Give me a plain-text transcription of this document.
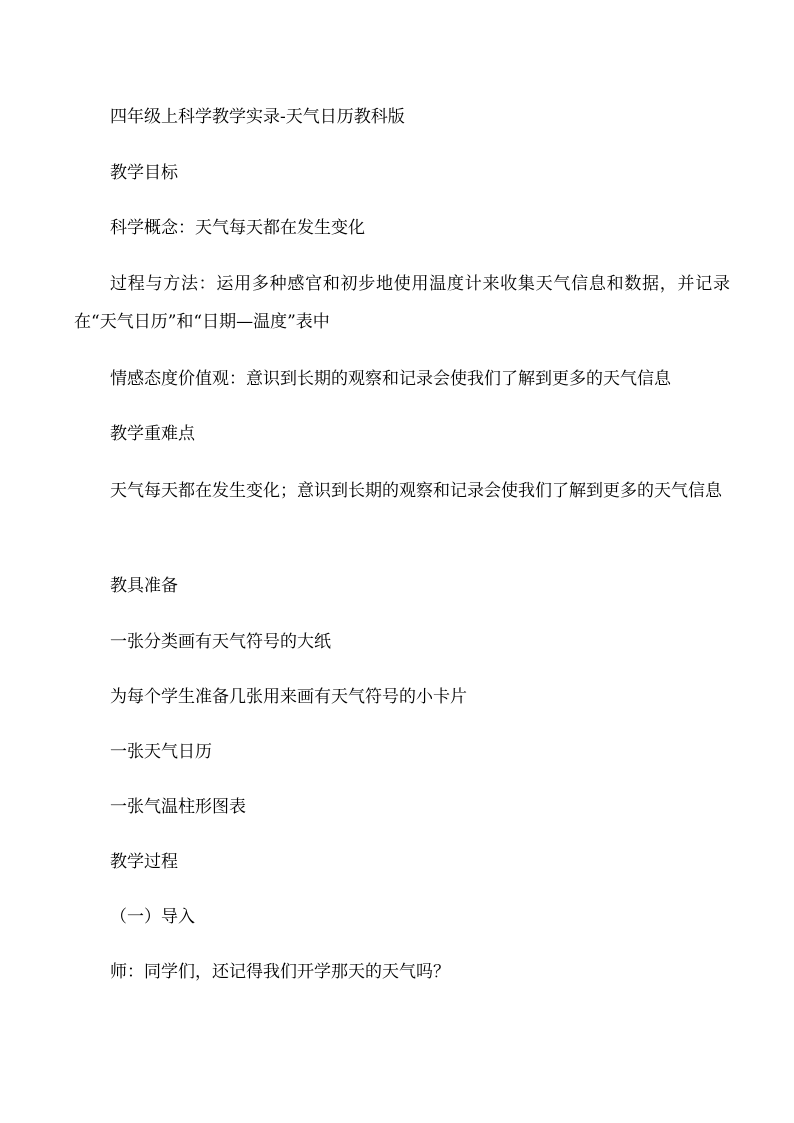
四年级上科学教学实录-天气日历教科版
教学目标
科学概念：天气每天都在发生变化
过程与方法：运用多种感官和初步地使用温度计来收集天气信息和数据，并记录在“天气日历”和“日期—温度”表中
情感态度价值观：意识到长期的观察和记录会使我们了解到更多的天气信息
教学重难点
天气每天都在发生变化；意识到长期的观察和记录会使我们了解到更多的天气信息
教具准备
一张分类画有天气符号的大纸
为每个学生准备几张用来画有天气符号的小卡片
一张天气日历
一张气温柱形图表
教学过程
（一）导入
师：同学们，还记得我们开学那天的天气吗？
